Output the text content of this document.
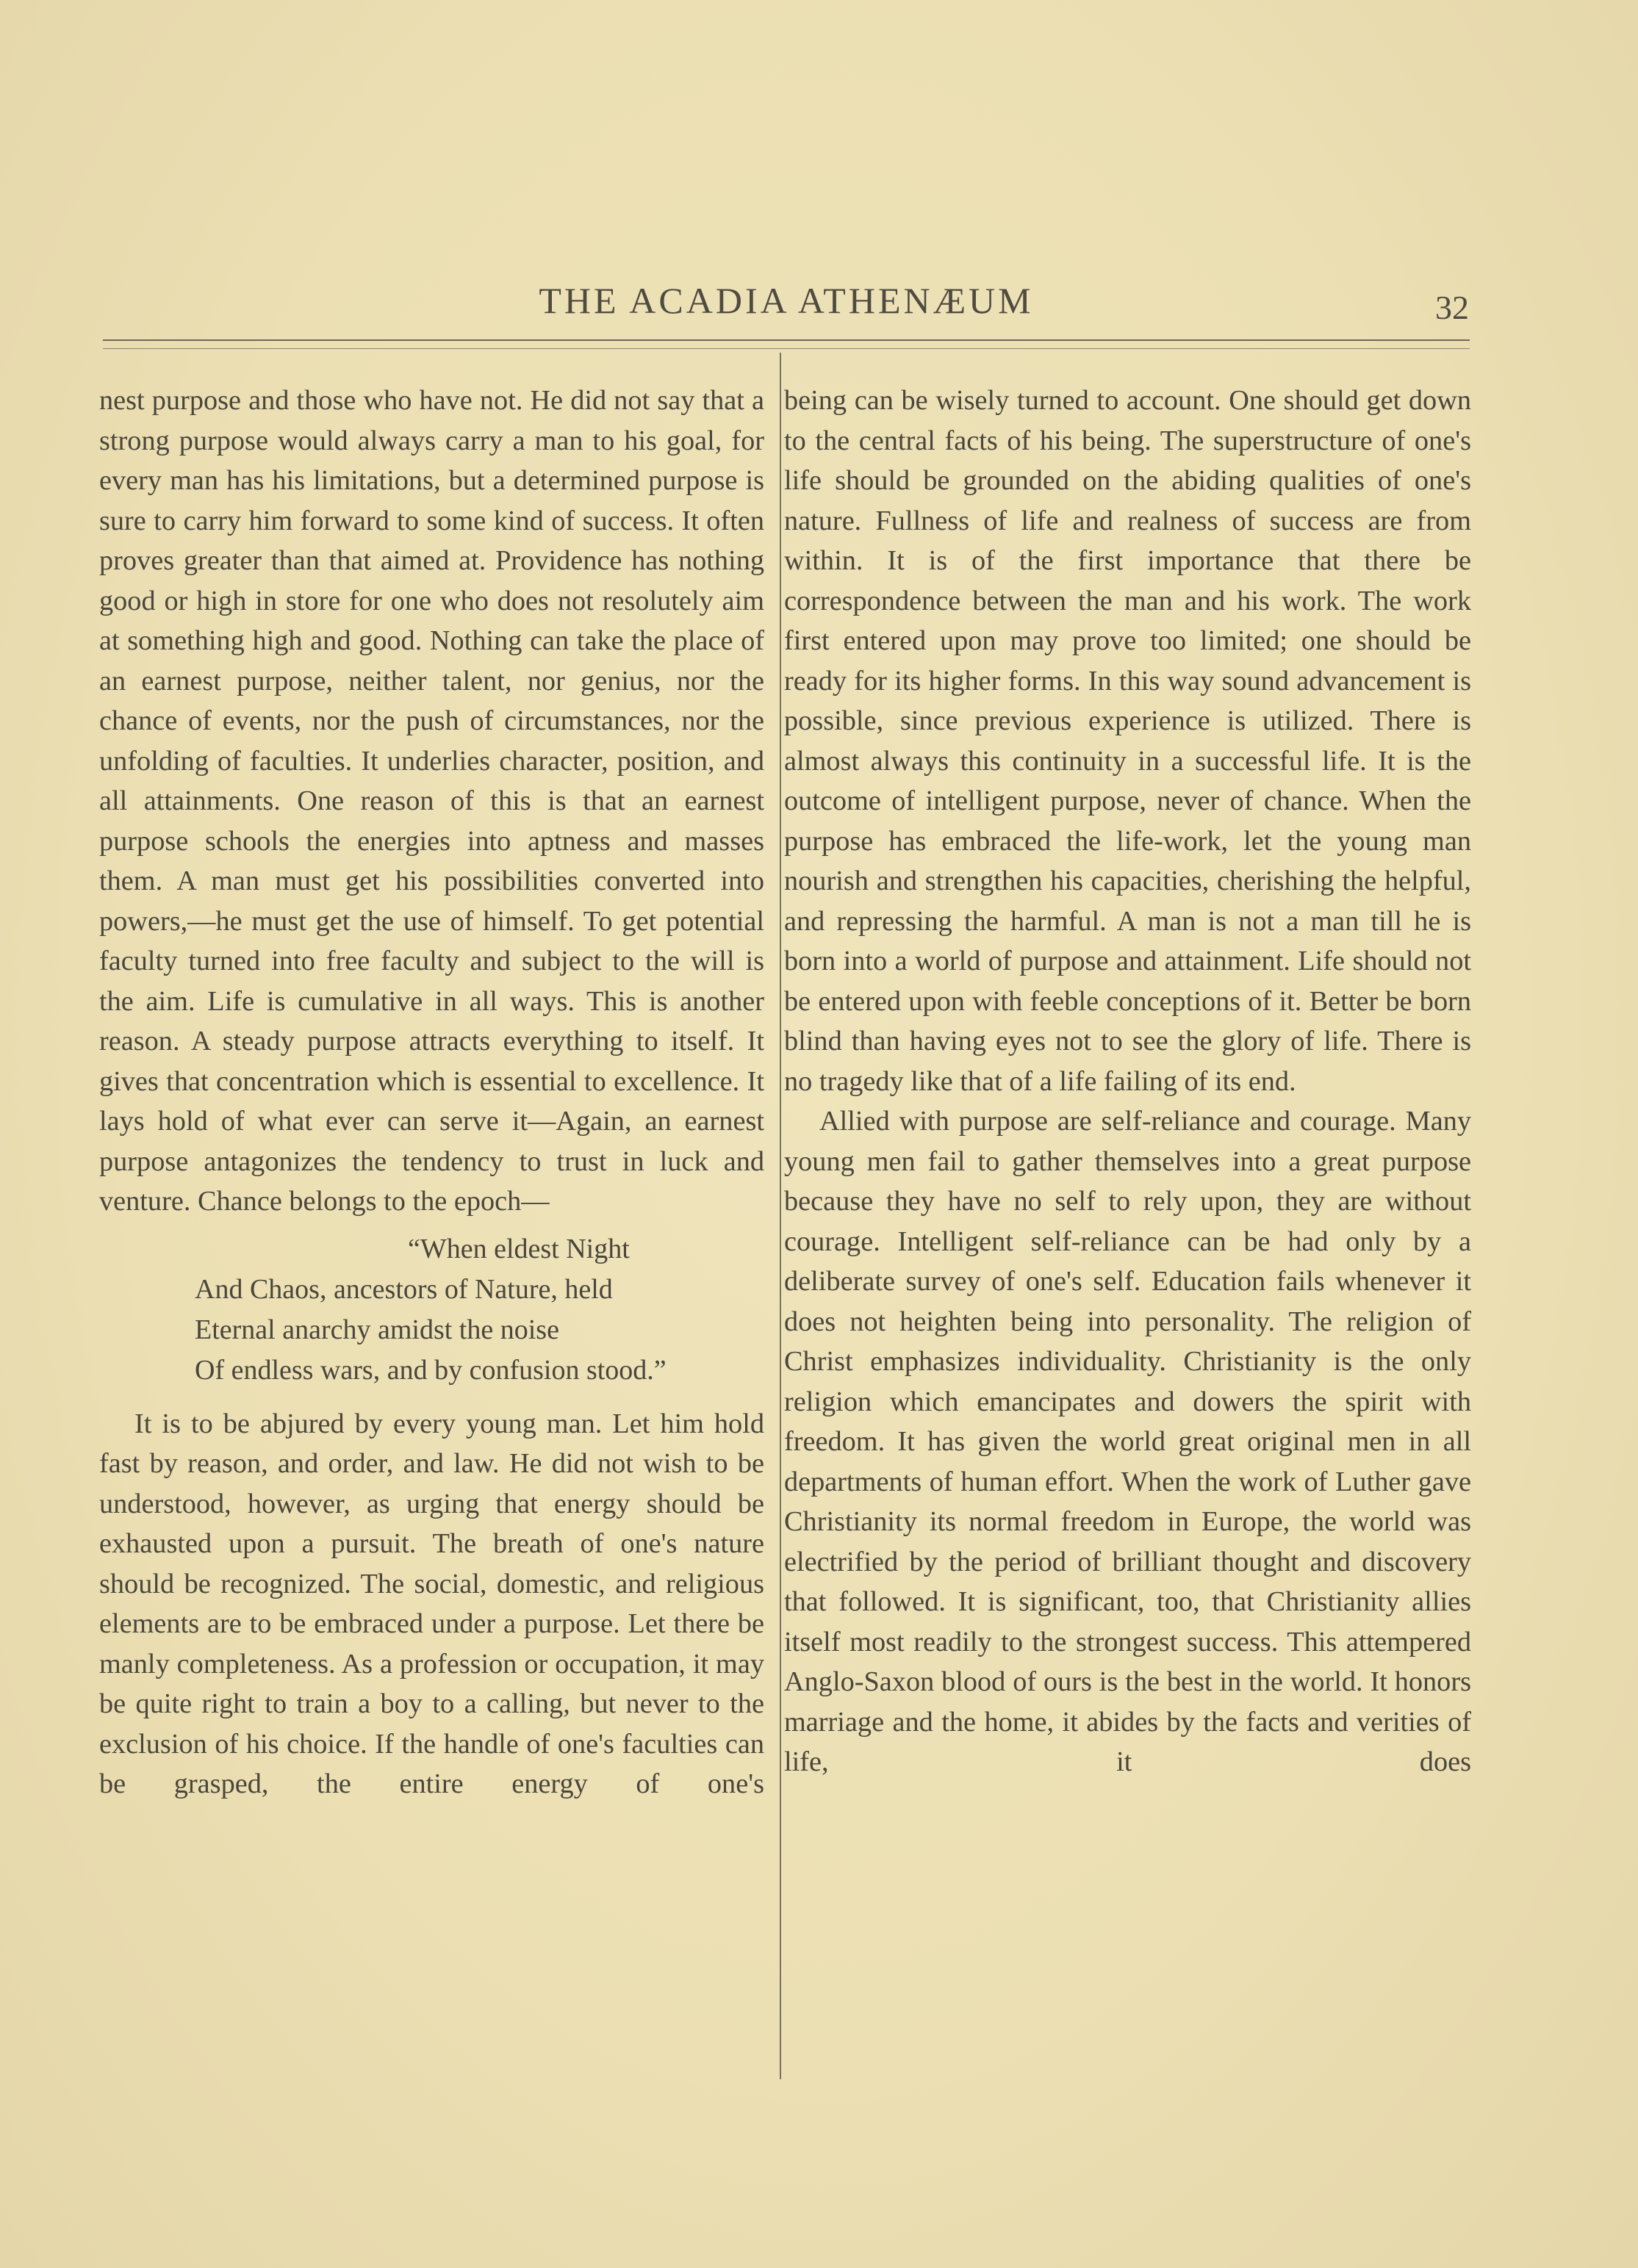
THE ACADIA ATHENÆUM	32

nest purpose and those who have not. He did not say that a strong purpose would always carry a man to his goal, for every man has his limitations, but a determined purpose is sure to carry him forward to some kind of success. It often proves greater than that aimed at. Providence has nothing good or high in store for one who does not resolutely aim at something high and good. Nothing can take the place of an earnest purpose, neither talent, nor genius, nor the chance of events, nor the push of circumstances, nor the unfolding of faculties. It underlies character, position, and all attainments. One reason of this is that an earnest purpose schools the energies into aptness and masses them. A man must get his possibilities converted into powers,—he must get the use of himself. To get potential faculty turned into free faculty and subject to the will is the aim. Life is cumulative in all ways. This is another reason. A steady purpose attracts everything to itself. It gives that concentration which is essential to excellence. It lays hold of what ever can serve it—Again, an earnest purpose antagonizes the tendency to trust in luck and venture. Chance belongs to the epoch—

“When eldest Night
And Chaos, ancestors of Nature, held
Eternal anarchy amidst the noise
Of endless wars, and by confusion stood.”

It is to be abjured by every young man. Let him hold fast by reason, and order, and law. He did not wish to be understood, however, as urging that energy should be exhausted upon a pursuit. The breath of one's nature should be recognized. The social, domestic, and religious elements are to be embraced under a purpose. Let there be manly completeness. As a profession or occupation, it may be quite right to train a boy to a calling, but never to the exclusion of his choice. If the handle of one's faculties can be grasped, the entire energy of one's

being can be wisely turned to account. One should get down to the central facts of his being. The superstructure of one's life should be grounded on the abiding qualities of one's nature. Fullness of life and realness of success are from within. It is of the first importance that there be correspondence between the man and his work. The work first entered upon may prove too limited; one should be ready for its higher forms. In this way sound advancement is possible, since previous experience is utilized. There is almost always this continuity in a successful life. It is the outcome of intelligent purpose, never of chance. When the purpose has embraced the life-work, let the young man nourish and strengthen his capacities, cherishing the helpful, and repressing the harmful. A man is not a man till he is born into a world of purpose and attainment. Life should not be entered upon with feeble conceptions of it. Better be born blind than having eyes not to see the glory of life. There is no tragedy like that of a life failing of its end.

Allied with purpose are self-reliance and courage. Many young men fail to gather themselves into a great purpose because they have no self to rely upon, they are without courage. Intelligent self-reliance can be had only by a deliberate survey of one's self. Education fails whenever it does not heighten being into personality. The religion of Christ emphasizes individuality. Christianity is the only religion which emancipates and dowers the spirit with freedom. It has given the world great original men in all departments of human effort. When the work of Luther gave Christianity its normal freedom in Europe, the world was electrified by the period of brilliant thought and discovery that followed. It is significant, too, that Christianity allies itself most readily to the strongest success. This attempered Anglo-Saxon blood of ours is the best in the world. It honors marriage and the home, it abides by the facts and verities of life, it does
